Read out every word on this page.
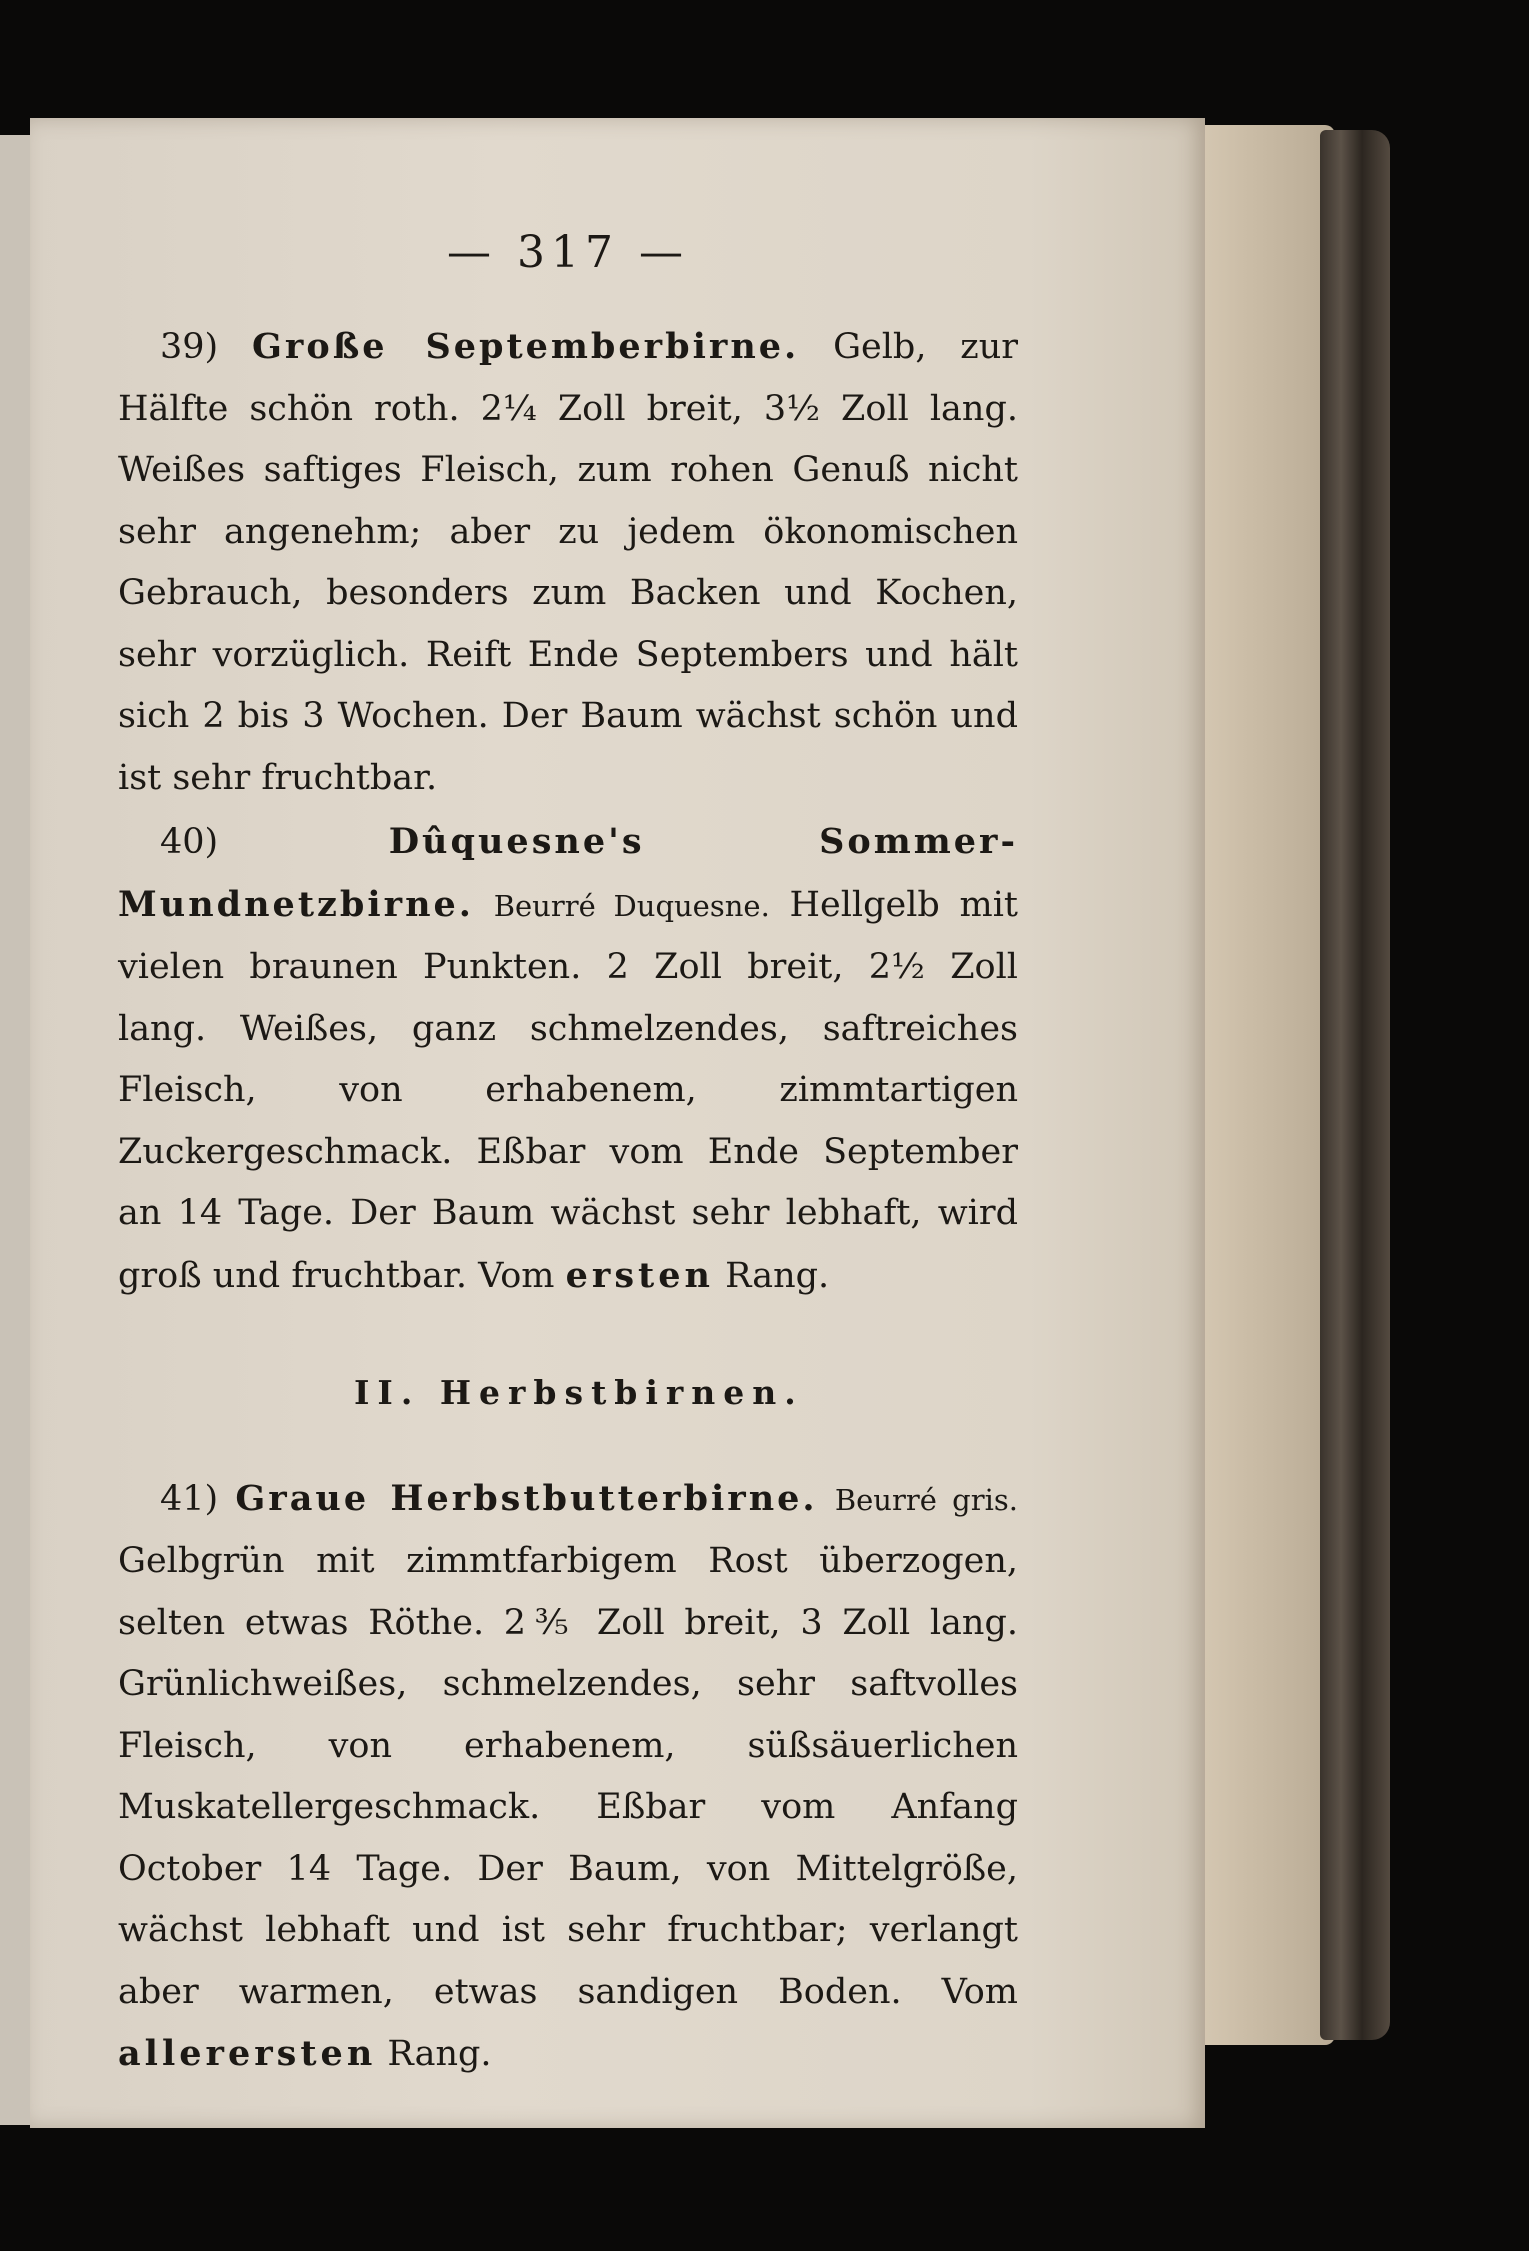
— 317 —

39) Große Septemberbirne. Gelb, zur Hälfte schön roth. 2¼ Zoll breit, 3½ Zoll lang. Weißes saftiges Fleisch, zum rohen Genuß nicht sehr angenehm; aber zu jedem ökonomischen Gebrauch, besonders zum Backen und Kochen, sehr vorzüglich. Reift Ende Septembers und hält sich 2 bis 3 Wochen. Der Baum wächst schön und ist sehr fruchtbar.

40)	Dûquesne's Sommer-Mundnetzbirne. Beurré Duquesne. Hellgelb mit vielen braunen Punkten. 2 Zoll breit, 2½ Zoll lang. Weißes, ganz schmelzendes, saftreiches Fleisch, von erhabenem, zimmtartigen Zuckergeschmack. Eßbar vom Ende September an 14 Tage. Der Baum wächst sehr lebhaft, wird groß und fruchtbar. Vom ersten Rang.

II. Herbstbirnen.

41) Graue Herbstbutterbirne. Beurré gris. Gelbgrün mit zimmtfarbigem Rost überzogen, selten etwas Röthe. 2⅗ Zoll breit, 3 Zoll lang. Grünlichweißes, schmelzendes, sehr saftvolles Fleisch, von erhabenem, süßsäuerlichen Muskatellergeschmack. Eßbar vom Anfang October 14 Tage. Der Baum, von Mittelgröße, wächst lebhaft und ist sehr fruchtbar; verlangt aber warmen, etwas sandigen Boden. Vom allerersten Rang.
